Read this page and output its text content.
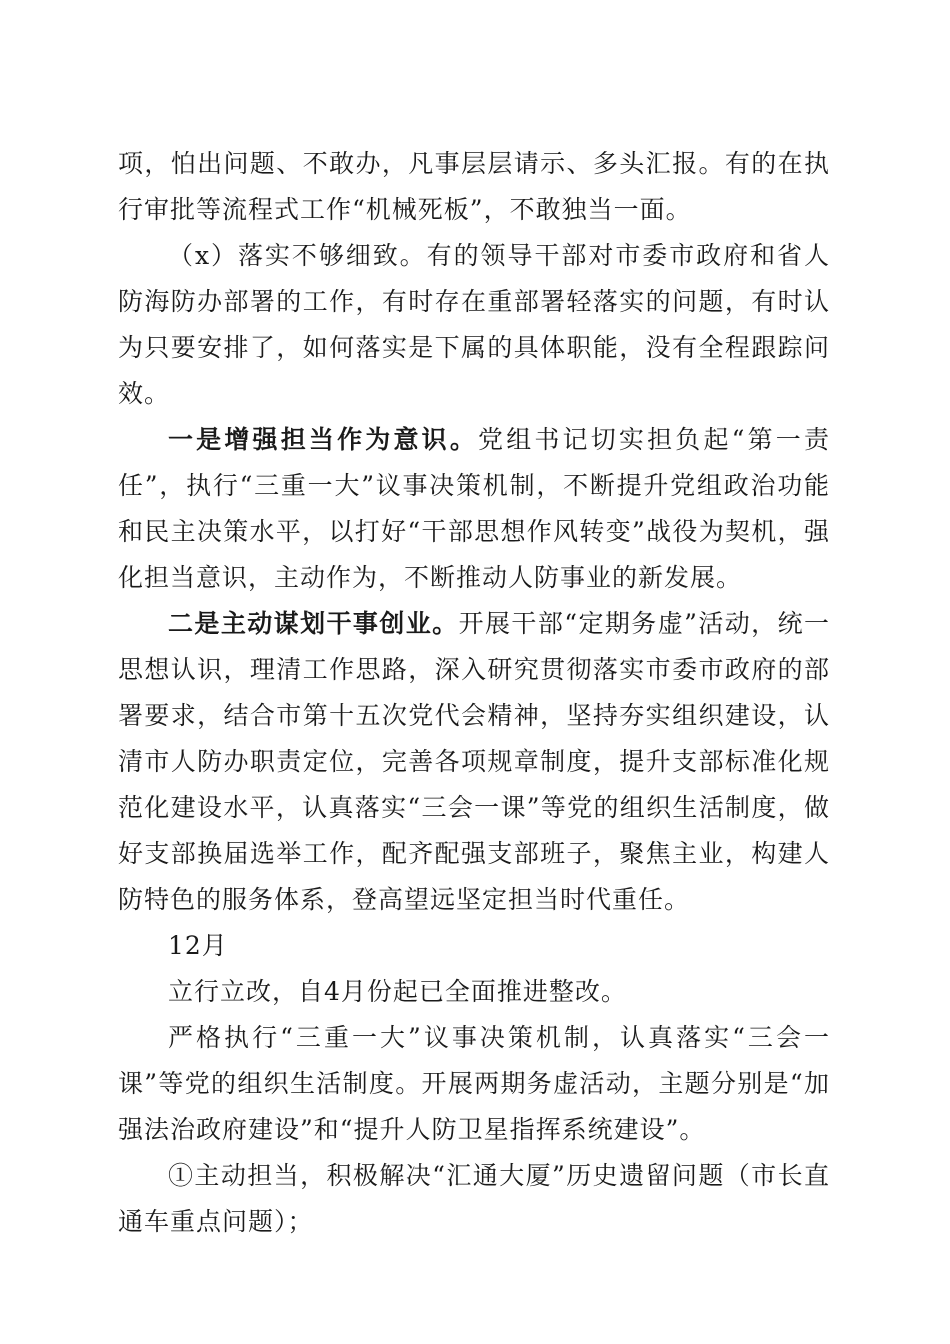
项，怕出问题、不敢办，凡事层层请示、多头汇报。有的在执行审批等流程式工作“机械死板”，不敢独当一面。

（x）落实不够细致。有的领导干部对市委市政府和省人防海防办部署的工作，有时存在重部署轻落实的问题，有时认为只要安排了，如何落实是下属的具体职能，没有全程跟踪问效。

一是增强担当作为意识。党组书记切实担负起“第一责任”，执行“三重一大”议事决策机制，不断提升党组政治功能和民主决策水平，以打好“干部思想作风转变”战役为契机，强化担当意识，主动作为，不断推动人防事业的新发展。

二是主动谋划干事创业。开展干部“定期务虚”活动，统一思想认识，理清工作思路，深入研究贯彻落实市委市政府的部署要求，结合市第十五次党代会精神，坚持夯实组织建设，认清市人防办职责定位，完善各项规章制度，提升支部标准化规范化建设水平，认真落实“三会一课”等党的组织生活制度，做好支部换届选举工作，配齐配强支部班子，聚焦主业，构建人防特色的服务体系，登高望远坚定担当时代重任。

12月

立行立改，自4月份起已全面推进整改。

严格执行“三重一大”议事决策机制，认真落实“三会一课”等党的组织生活制度。开展两期务虚活动，主题分别是“加强法治政府建设”和“提升人防卫星指挥系统建设”。

①主动担当，积极解决“汇通大厦”历史遗留问题（市长直通车重点问题）；
